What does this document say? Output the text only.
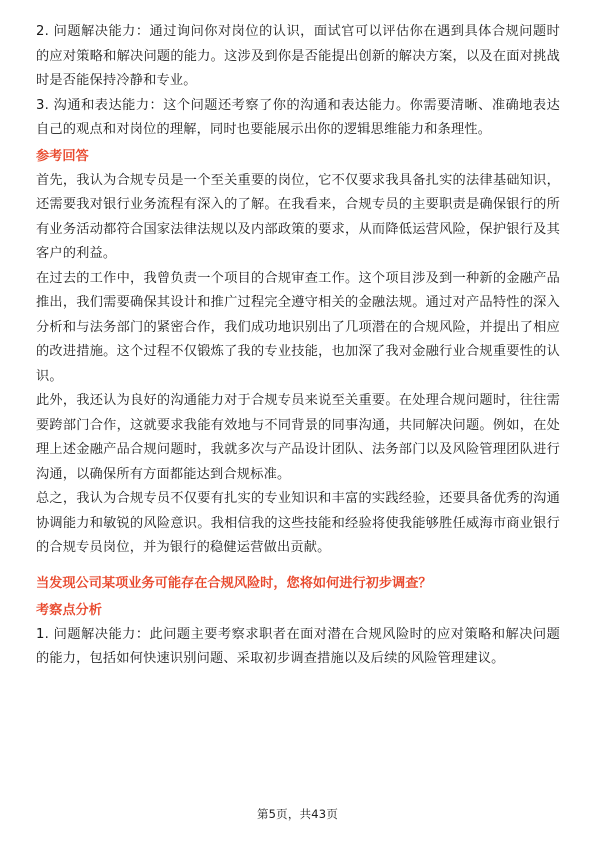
2. 问题解决能力：通过询问你对岗位的认识，面试官可以评估你在遇到具体合规问题时的应对策略和解决问题的能力。这涉及到你是否能提出创新的解决方案，以及在面对挑战时是否能保持冷静和专业。

3. 沟通和表达能力：这个问题还考察了你的沟通和表达能力。你需要清晰、准确地表达自己的观点和对岗位的理解，同时也要能展示出你的逻辑思维能力和条理性。

参考回答

首先，我认为合规专员是一个至关重要的岗位，它不仅要求我具备扎实的法律基础知识，还需要我对银行业务流程有深入的了解。在我看来，合规专员的主要职责是确保银行的所有业务活动都符合国家法律法规以及内部政策的要求，从而降低运营风险，保护银行及其客户的利益。

在过去的工作中，我曾负责一个项目的合规审查工作。这个项目涉及到一种新的金融产品推出，我们需要确保其设计和推广过程完全遵守相关的金融法规。通过对产品特性的深入分析和与法务部门的紧密合作，我们成功地识别出了几项潜在的合规风险，并提出了相应的改进措施。这个过程不仅锻炼了我的专业技能，也加深了我对金融行业合规重要性的认识。

此外，我还认为良好的沟通能力对于合规专员来说至关重要。在处理合规问题时，往往需要跨部门合作，这就要求我能有效地与不同背景的同事沟通，共同解决问题。例如，在处理上述金融产品合规问题时，我就多次与产品设计团队、法务部门以及风险管理团队进行沟通，以确保所有方面都能达到合规标准。

总之，我认为合规专员不仅要有扎实的专业知识和丰富的实践经验，还要具备优秀的沟通协调能力和敏锐的风险意识。我相信我的这些技能和经验将使我能够胜任威海市商业银行的合规专员岗位，并为银行的稳健运营做出贡献。

当发现公司某项业务可能存在合规风险时，您将如何进行初步调查？

考察点分析

1. 问题解决能力：此问题主要考察求职者在面对潜在合规风险时的应对策略和解决问题的能力，包括如何快速识别问题、采取初步调查措施以及后续的风险管理建议。

第5页，共43页
